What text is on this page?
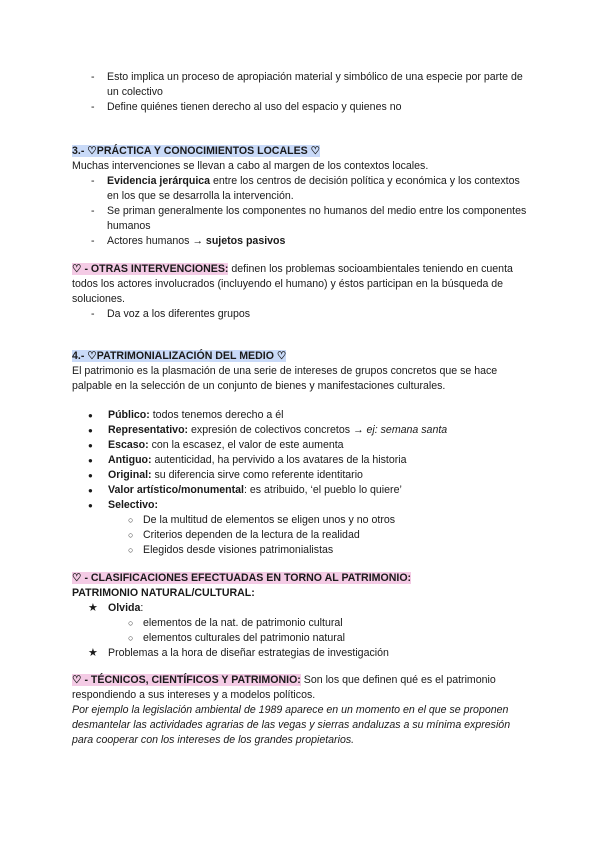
- Esto implica un proceso de apropiación material y simbólico de una especie por parte de un colectivo
- Define quiénes tienen derecho al uso del espacio y quienes no
3.- ♡PRÁCTICA Y CONOCIMIENTOS LOCALES ♡
Muchas intervenciones se llevan a cabo al margen de los contextos locales.
- Evidencia jerárquica entre los centros de decisión política y económica y los contextos en los que se desarrolla la intervención.
- Se priman generalmente los componentes no humanos del medio entre los componentes humanos
- Actores humanos → sujetos pasivos
♡ - OTRAS INTERVENCIONES: definen los problemas socioambientales teniendo en cuenta todos los actores involucrados (incluyendo el humano) y éstos participan en la búsqueda de soluciones.
- Da voz a los diferentes grupos
4.- ♡PATRIMONIALIZACIÓN DEL MEDIO ♡
El patrimonio es la plasmación de una serie de intereses de grupos concretos que se hace palpable en la selección de un conjunto de bienes y manifestaciones culturales.
● Público: todos tenemos derecho a él
● Representativo: expresión de colectivos concretos → ej: semana santa
● Escaso: con la escasez, el valor de este aumenta
● Antiguo: autenticidad, ha pervivido a los avatares de la historia
● Original: su diferencia sirve como referente identitario
● Valor artístico/monumental: es atribuido, ‘el pueblo lo quiere’
● Selectivo:
○ De la multitud de elementos se eligen unos y no otros
○ Criterios dependen de la lectura de la realidad
○ Elegidos desde visiones patrimonialistas
♡ - CLASIFICACIONES EFECTUADAS EN TORNO AL PATRIMONIO:
PATRIMONIO NATURAL/CULTURAL:
★ Olvida:
○ elementos de la nat. de patrimonio cultural
○ elementos culturales del patrimonio natural
★ Problemas a la hora de diseñar estrategias de investigación
♡ - TÉCNICOS, CIENTÍFICOS Y PATRIMONIO: Son los que definen qué es el patrimonio respondiendo a sus intereses y a modelos políticos.
Por ejemplo la legislación ambiental de 1989 aparece en un momento en el que se proponen desmantelar las actividades agrarias de las vegas y sierras andaluzas a su mínima expresión para cooperar con los intereses de los grandes propietarios.
